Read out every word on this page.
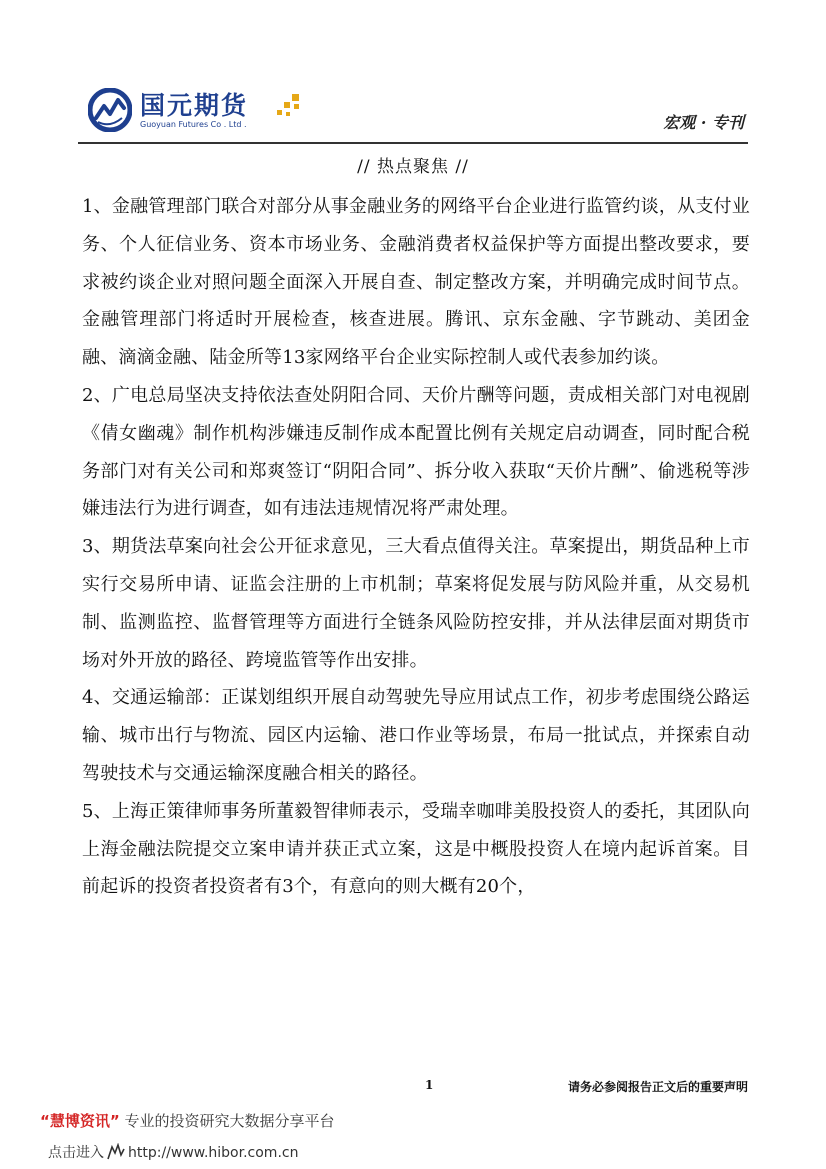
国元期货
Guoyuan Futures Co . Ltd .	宏观 · 专刊
// 热点聚焦 //

1、金融管理部门联合对部分从事金融业务的网络平台企业进行监管约谈，从支付业务、个人征信业务、资本市场业务、金融消费者权益保护等方面提出整改要求，要求被约谈企业对照问题全面深入开展自查、制定整改方案，并明确完成时间节点。金融管理部门将适时开展检查，核查进展。腾讯、京东金融、字节跳动、美团金融、滴滴金融、陆金所等13家网络平台企业实际控制人或代表参加约谈。

2、广电总局坚决支持依法查处阴阳合同、天价片酬等问题，责成相关部门对电视剧《倩女幽魂》制作机构涉嫌违反制作成本配置比例有关规定启动调查，同时配合税务部门对有关公司和郑爽签订“阴阳合同”、拆分收入获取“天价片酬”、偷逃税等涉嫌违法行为进行调查，如有违法违规情况将严肃处理。

3、期货法草案向社会公开征求意见，三大看点值得关注。草案提出，期货品种上市实行交易所申请、证监会注册的上市机制；草案将促发展与防风险并重，从交易机制、监测监控、监督管理等方面进行全链条风险防控安排，并从法律层面对期货市场对外开放的路径、跨境监管等作出安排。

4、交通运输部：正谋划组织开展自动驾驶先导应用试点工作，初步考虑围绕公路运输、城市出行与物流、园区内运输、港口作业等场景，布局一批试点，并探索自动驾驶技术与交通运输深度融合相关的路径。

5、上海正策律师事务所董毅智律师表示，受瑞幸咖啡美股投资人的委托，其团队向上海金融法院提交立案申请并获正式立案，这是中概股投资人在境内起诉首案。目前起诉的投资者投资者有3个，有意向的则大概有20个，

1	请务必参阅报告正文后的重要声明
“慧博资讯” 专业的投资研究大数据分享平台
点击进入 http://www.hibor.com.cn
